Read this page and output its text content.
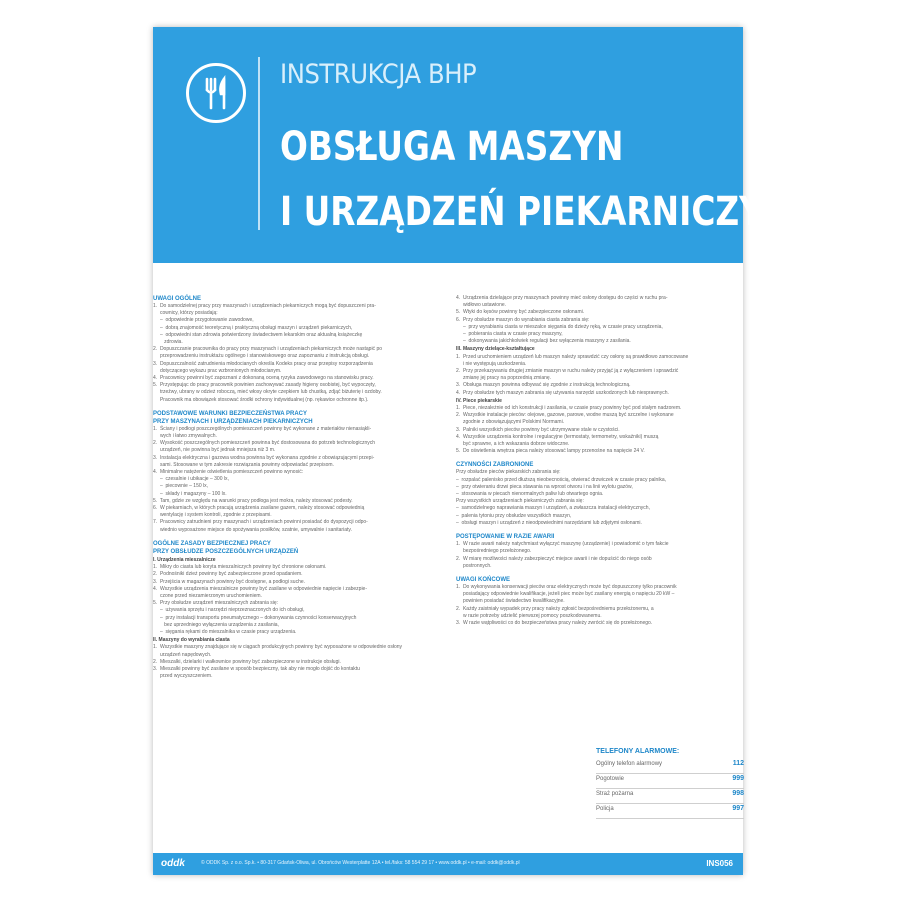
INSTRUKCJA BHP
OBSŁUGA MASZYN
I URZĄDZEŃ PIEKARNICZYCH
UWAGI OGÓLNE
1.  Do samodzielnej pracy przy maszynach i urządzeniach piekarniczych mogą być dopuszczeni pra-
cownicy, którzy posiadają:
–  odpowiednie przygotowanie zawodowe,
–  dobrą znajomość teoretyczną i praktyczną obsługi maszyn i urządzeń piekarniczych,
–  odpowiedni stan zdrowia potwierdzony świadectwem lekarskim oraz aktualną książeczkę
zdrowia.
2.  Dopuszczanie pracownika do pracy przy maszynach i urządzeniach piekarniczych może nastąpić po
przeprowadzeniu instruktażu ogólnego i stanowiskowego oraz zapoznaniu z instrukcją obsługi.
3.  Dopuszczalność zatrudnienia młodocianych określa Kodeks pracy oraz przepisy rozporządzenia
dotyczącego wykazu prac wzbronionych młodocianym.
4.  Pracownicy powinni być zapoznani z dokonaną oceną ryzyka zawodowego na stanowisku pracy.
5.  Przystępując do pracy pracownik powinien zachowywać zasady higieny osobistej, być wypoczęty,
trzeźwy, ubrany w odzież roboczą, mieć włosy okryte czepkiem lub chustką, zdjąć biżuterię i ozdoby.
Pracownik ma obowiązek stosować środki ochrony indywidualnej (np. rękawice ochronne itp.).
PODSTAWOWE WARUNKI BEZPIECZEŃSTWA PRACY
PRZY MASZYNACH I URZĄDZENIACH PIEKARNICZYCH
1.  Ściany i podłogi poszczególnych pomieszczeń powinny być wykonane z materiałów nienasiąkli-
wych i łatwo zmywalnych.
2.  Wysokość poszczególnych pomieszczeń powinna być dostosowana do potrzeb technologicznych
urządzeń, nie powinna być jednak mniejsza niż 3 m.
3.  Instalacja elektryczna i gazowa wodna powinna być wykonana zgodnie z obowiązującymi przepi-
sami. Stosowane w tym zakresie rozwiązania powinny odpowiadać przepisom.
4.  Minimalne natężenie oświetlenia pomieszczeń powinno wynosić:
–  czesalnie i ubikacje – 300 lx,
–  piecownie – 150 lx,
–  składy i magazyny – 100 lx.
5.  Tam, gdzie ze względu na warunki pracy podłoga jest mokra, należy stosować podesty.
6.  W piekarniach, w których pracują urządzenia zasilane gazem, należy stosować odpowiednią
wentylację i system kontroli, zgodnie z przepisami.
7.  Pracownicy zatrudnieni przy maszynach i urządzeniach powinni posiadać do dyspozycji odpo-
wiednio wyposażone miejsce do spożywania posiłków, szatnie, umywalnie i sanitariaty.
OGÓLNE ZASADY BEZPIECZNEJ PRACY
PRZY OBSŁUDZE POSZCZEGÓLNYCH URZĄDZEŃ
I. Urządzenia mieszalnicze
1.  Mikry do ciasta lub koryta mieszalniczych powinny być chronione osłonami.
2.  Podnośniki dzież powinny być zabezpieczone przed opadaniem.
3.  Przejścia w magazynach powinny być dostępne, a podłogi suche.
4.  Wszystkie urządzenia mieszalnicze powinny być zasilane w odpowiednie napięcie i zabezpie-
czone przed niezamierzonym uruchomieniem.
5.  Przy obsłudze urządzeń mieszalniczych zabrania się:
–  używania sprzętu i narzędzi nieprzeznaczonych do ich obsługi,
–  przy instalacji transportu pneumatycznego – dokonywania czynności konserwacyjnych
bez uprzedniego wyłączenia urządzenia z zasilania,
–  sięgania rękami do mieszalnika w czasie pracy urządzenia.
II. Maszyny do wyrabiania ciasta
1.  Wszystkie maszyny znajdujące się w ciągach produkcyjnych powinny być wyposażone w odpowiednie osłony
urządzeń napędowych.
2.  Mieszalki, dzielarki i wałkownice powinny być zabezpieczone w instrukcje obsługi.
3.  Mieszalki powinny być zasilane w sposób bezpieczny, tak aby nie mogło dojść do kontaktu
przed wyczyszczeniem.
4.  Urządzenia dzielające przy maszynach powinny mieć osłony dostępu do części w ruchu pra-
widłowo ustawione.
5.  Wtyki do kęsów powinny być zabezpieczone osłonami.
6.  Przy obsłudze maszyn do wyrabiania ciasta zabrania się:
–  przy wyrabianiu ciasta w mieszalce sięgania do dzieży ręką, w czasie pracy urządzenia,
–  pobierania ciasta w czasie pracy maszyny,
–  dokonywania jakichkolwiek regulacji bez wyłączenia maszyny z zasilania.
III. Maszyny dzielące-kształtujące
1.  Przed uruchomieniem urządzeń lub maszyn należy sprawdzić czy osłony są prawidłowo zamocowane
i nie występują uszkodzenia.
2.  Przy przekazywaniu drugiej zmianie maszyn w ruchu należy przyjąć ją z wyłączeniem i sprawdzić
zmianę jej pracy na poprzednią zmianę.
3.  Obsługa maszyn powinna odbywać się zgodnie z instrukcją technologiczną.
4.  Przy obsłudze tych maszyn zabrania się używania narzędzi uszkodzonych lub niesprawnych.
IV. Piece piekarskie
1.  Piece, niezależnie od ich konstrukcji i zasilania, w czasie pracy powinny być pod stałym nadzorem.
2.  Wszystkie instalacje pieców: olejowe, gazowe, parowe, wodne muszą być szczelne i wykonane
zgodnie z obowiązującymi Polskimi Normami.
3.  Palniki wszystkich pieców powinny być utrzymywane stale w czystości.
4.  Wszystkie urządzenia kontrolne i regulacyjne (termostaty, termometry, wskaźniki) muszą
być sprawne, a ich wskazania dobrze widoczne.
5.  Do oświetlenia wnętrza pieca należy stosować lampy przenośne na napięcie 24 V.
CZYNNOŚCI ZABRONIONE
Przy obsłudze pieców piekarskich zabrania się:
–  rozpalać palenisko przed dłuższą nieobecnością, otwierać drzwiczek w czasie pracy palnika,
–  przy otwieraniu drzwi pieca stawania na wprost otworu i na linii wylotu gazów,
–  stosowania w piecach nienormalnych paliw lub otwartego ognia.
Przy wszystkich urządzeniach piekarniczych zabrania się:
–  samodzielnego naprawiania maszyn i urządzeń, a zwłaszcza instalacji elektrycznych,
–  palenia tytoniu przy obsłudze wszystkich maszyn,
–  obsługi maszyn i urządzeń z nieodpowiednimi narzędziami lub zdjętymi osłonami.
POSTĘPOWANIE W RAZIE AWARII
1.  W razie awarii należy natychmiast wyłączyć maszynę (urządzenie) i powiadomić o tym fakcie
bezpośredniego przełożonego.
2.  W miarę możliwości należy zabezpieczyć miejsce awarii i nie dopuścić do niego osób
postronnych.
UWAGI KOŃCOWE
1.  Do wykonywania konserwacji pieców oraz elektrycznych może być dopuszczony tylko pracownik
posiadający odpowiednie kwalifikacje, jeżeli piec może być zasilany energią o napięciu 20 kW –
powinien posiadać świadectwo kwalifikacyjne.
2.  Każdy zaistniały wypadek przy pracy należy zgłosić bezpośredniemu przełożonemu, a
w razie potrzeby udzielić pierwszej pomocy poszkodowanemu.
3.  W razie wątpliwości co do bezpieczeństwa pracy należy zwrócić się do przełożonego.
TELEFONY ALARMOWE:
Ogólny telefon alarmowy	112
Pogotowie	999
Straż pożarna	998
Policja	997
oddk	© ODDK Sp. z o.o. Sp.k. • 80-317 Gdańsk-Oliwa, ul. Obrońców Westerplatte 12A • tel./faks: 58 554 29 17 • www.oddk.pl • e-mail: oddk@oddk.pl	INS056
